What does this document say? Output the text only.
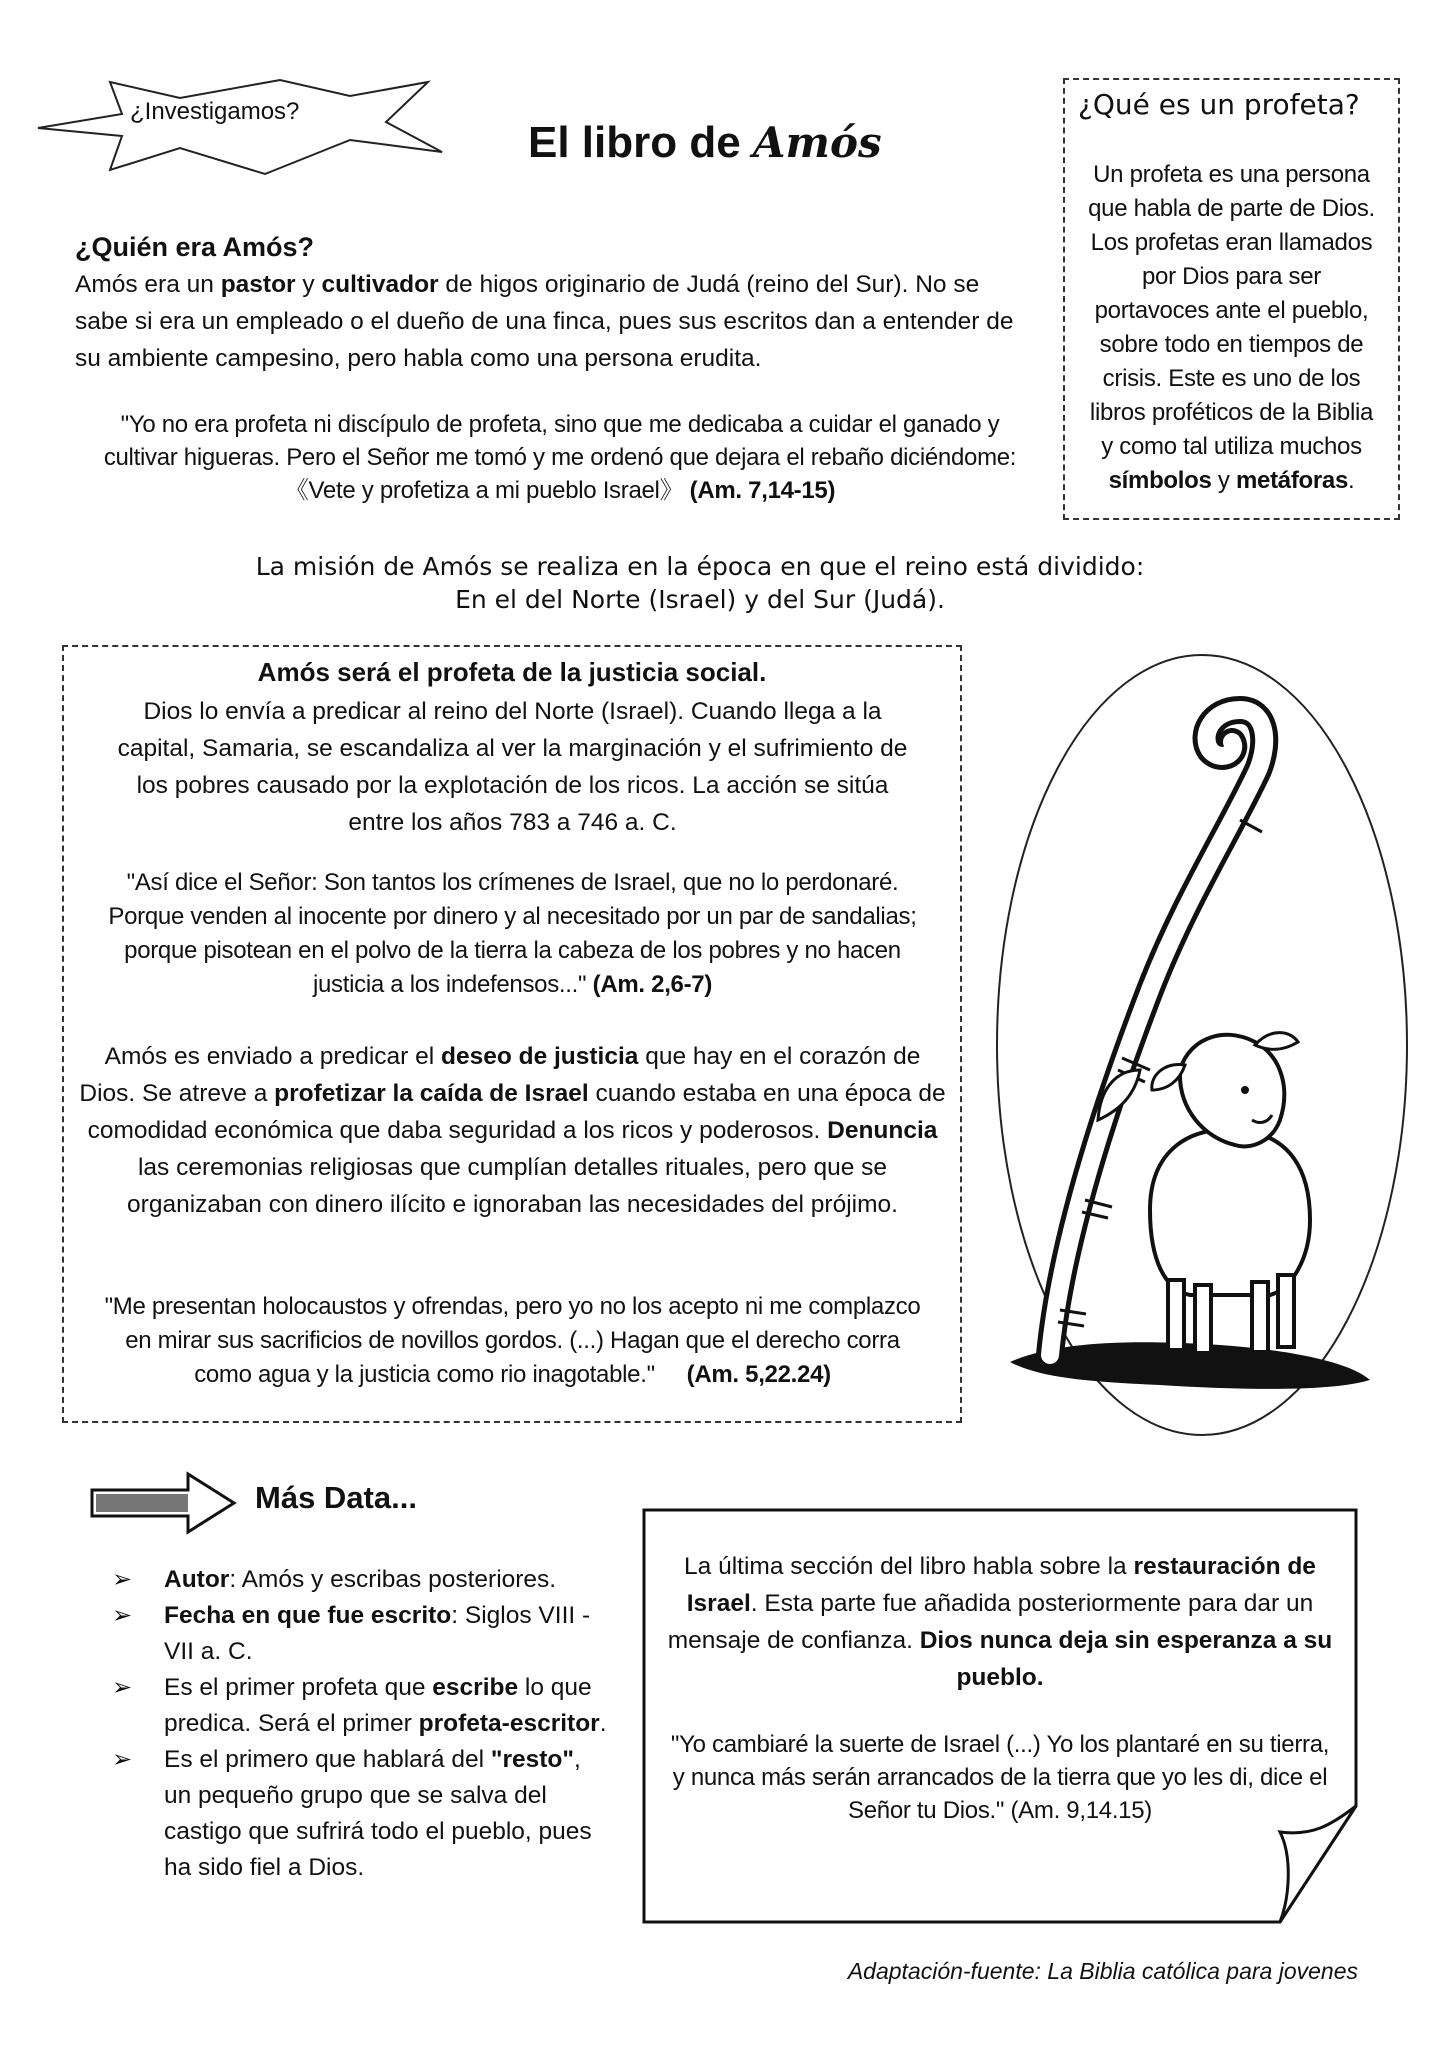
¿Investigamos?
El libro de Amós
¿Qué es un profeta?
Un profeta es una persona
que habla de parte de Dios.
Los profetas eran llamados
por Dios para ser
portavoces ante el pueblo,
sobre todo en tiempos de
crisis. Este es uno de los
libros proféticos de la Biblia
y como tal utiliza muchos
símbolos y metáforas.
¿Quién era Amós?
Amós era un pastor y cultivador de higos originario de Judá (reino del Sur). No se sabe si era un empleado o el dueño de una finca, pues sus escritos dan a entender de su ambiente campesino, pero habla como una persona erudita.
"Yo no era profeta ni discípulo de profeta, sino que me dedicaba a cuidar el ganado y
cultivar higueras. Pero el Señor me tomó y me ordenó que dejara el rebaño diciéndome:
《Vete y profetiza a mi pueblo Israel》 (Am. 7,14-15)
La misión de Amós se realiza en la época en que el reino está dividido:
En el del Norte (Israel) y del Sur (Judá).
Amós será el profeta de la justicia social.
Dios lo envía a predicar al reino del Norte (Israel). Cuando llega a la
capital, Samaria, se escandaliza al ver la marginación y el sufrimiento de
los pobres causado por la explotación de los ricos. La acción se sitúa
entre los años 783 a 746 a. C.
"Así dice el Señor: Son tantos los crímenes de Israel, que no lo perdonaré.
Porque venden al inocente por dinero y al necesitado por un par de sandalias;
porque pisotean en el polvo de la tierra la cabeza de los pobres y no hacen
justicia a los indefensos..." (Am. 2,6-7)
Amós es enviado a predicar el deseo de justicia que hay en el corazón de Dios. Se atreve a profetizar la caída de Israel cuando estaba en una época de comodidad económica que daba seguridad a los ricos y poderosos. Denuncia las ceremonias religiosas que cumplían detalles rituales, pero que se organizaban con dinero ilícito e ignoraban las necesidades del prójimo.
"Me presentan holocaustos y ofrendas, pero yo no los acepto ni me complazco
en mirar sus sacrificios de novillos gordos. (...) Hagan que el derecho corra
como agua y la justicia como rio inagotable." (Am. 5,22.24)
Más Data...
➢ Autor: Amós y escribas posteriores.
➢ Fecha en que fue escrito: Siglos VIII - VII a. C.
➢ Es el primer profeta que escribe lo que predica. Será el primer profeta-escritor.
➢ Es el primero que hablará del "resto", un pequeño grupo que se salva del castigo que sufrirá todo el pueblo, pues ha sido fiel a Dios.
La última sección del libro habla sobre la restauración de Israel. Esta parte fue añadida posteriormente para dar un mensaje de confianza. Dios nunca deja sin esperanza a su pueblo.
"Yo cambiaré la suerte de Israel (...) Yo los plantaré en su tierra, y nunca más serán arrancados de la tierra que yo les di, dice el Señor tu Dios." (Am. 9,14.15)
Adaptación-fuente: La Biblia católica para jovenes
